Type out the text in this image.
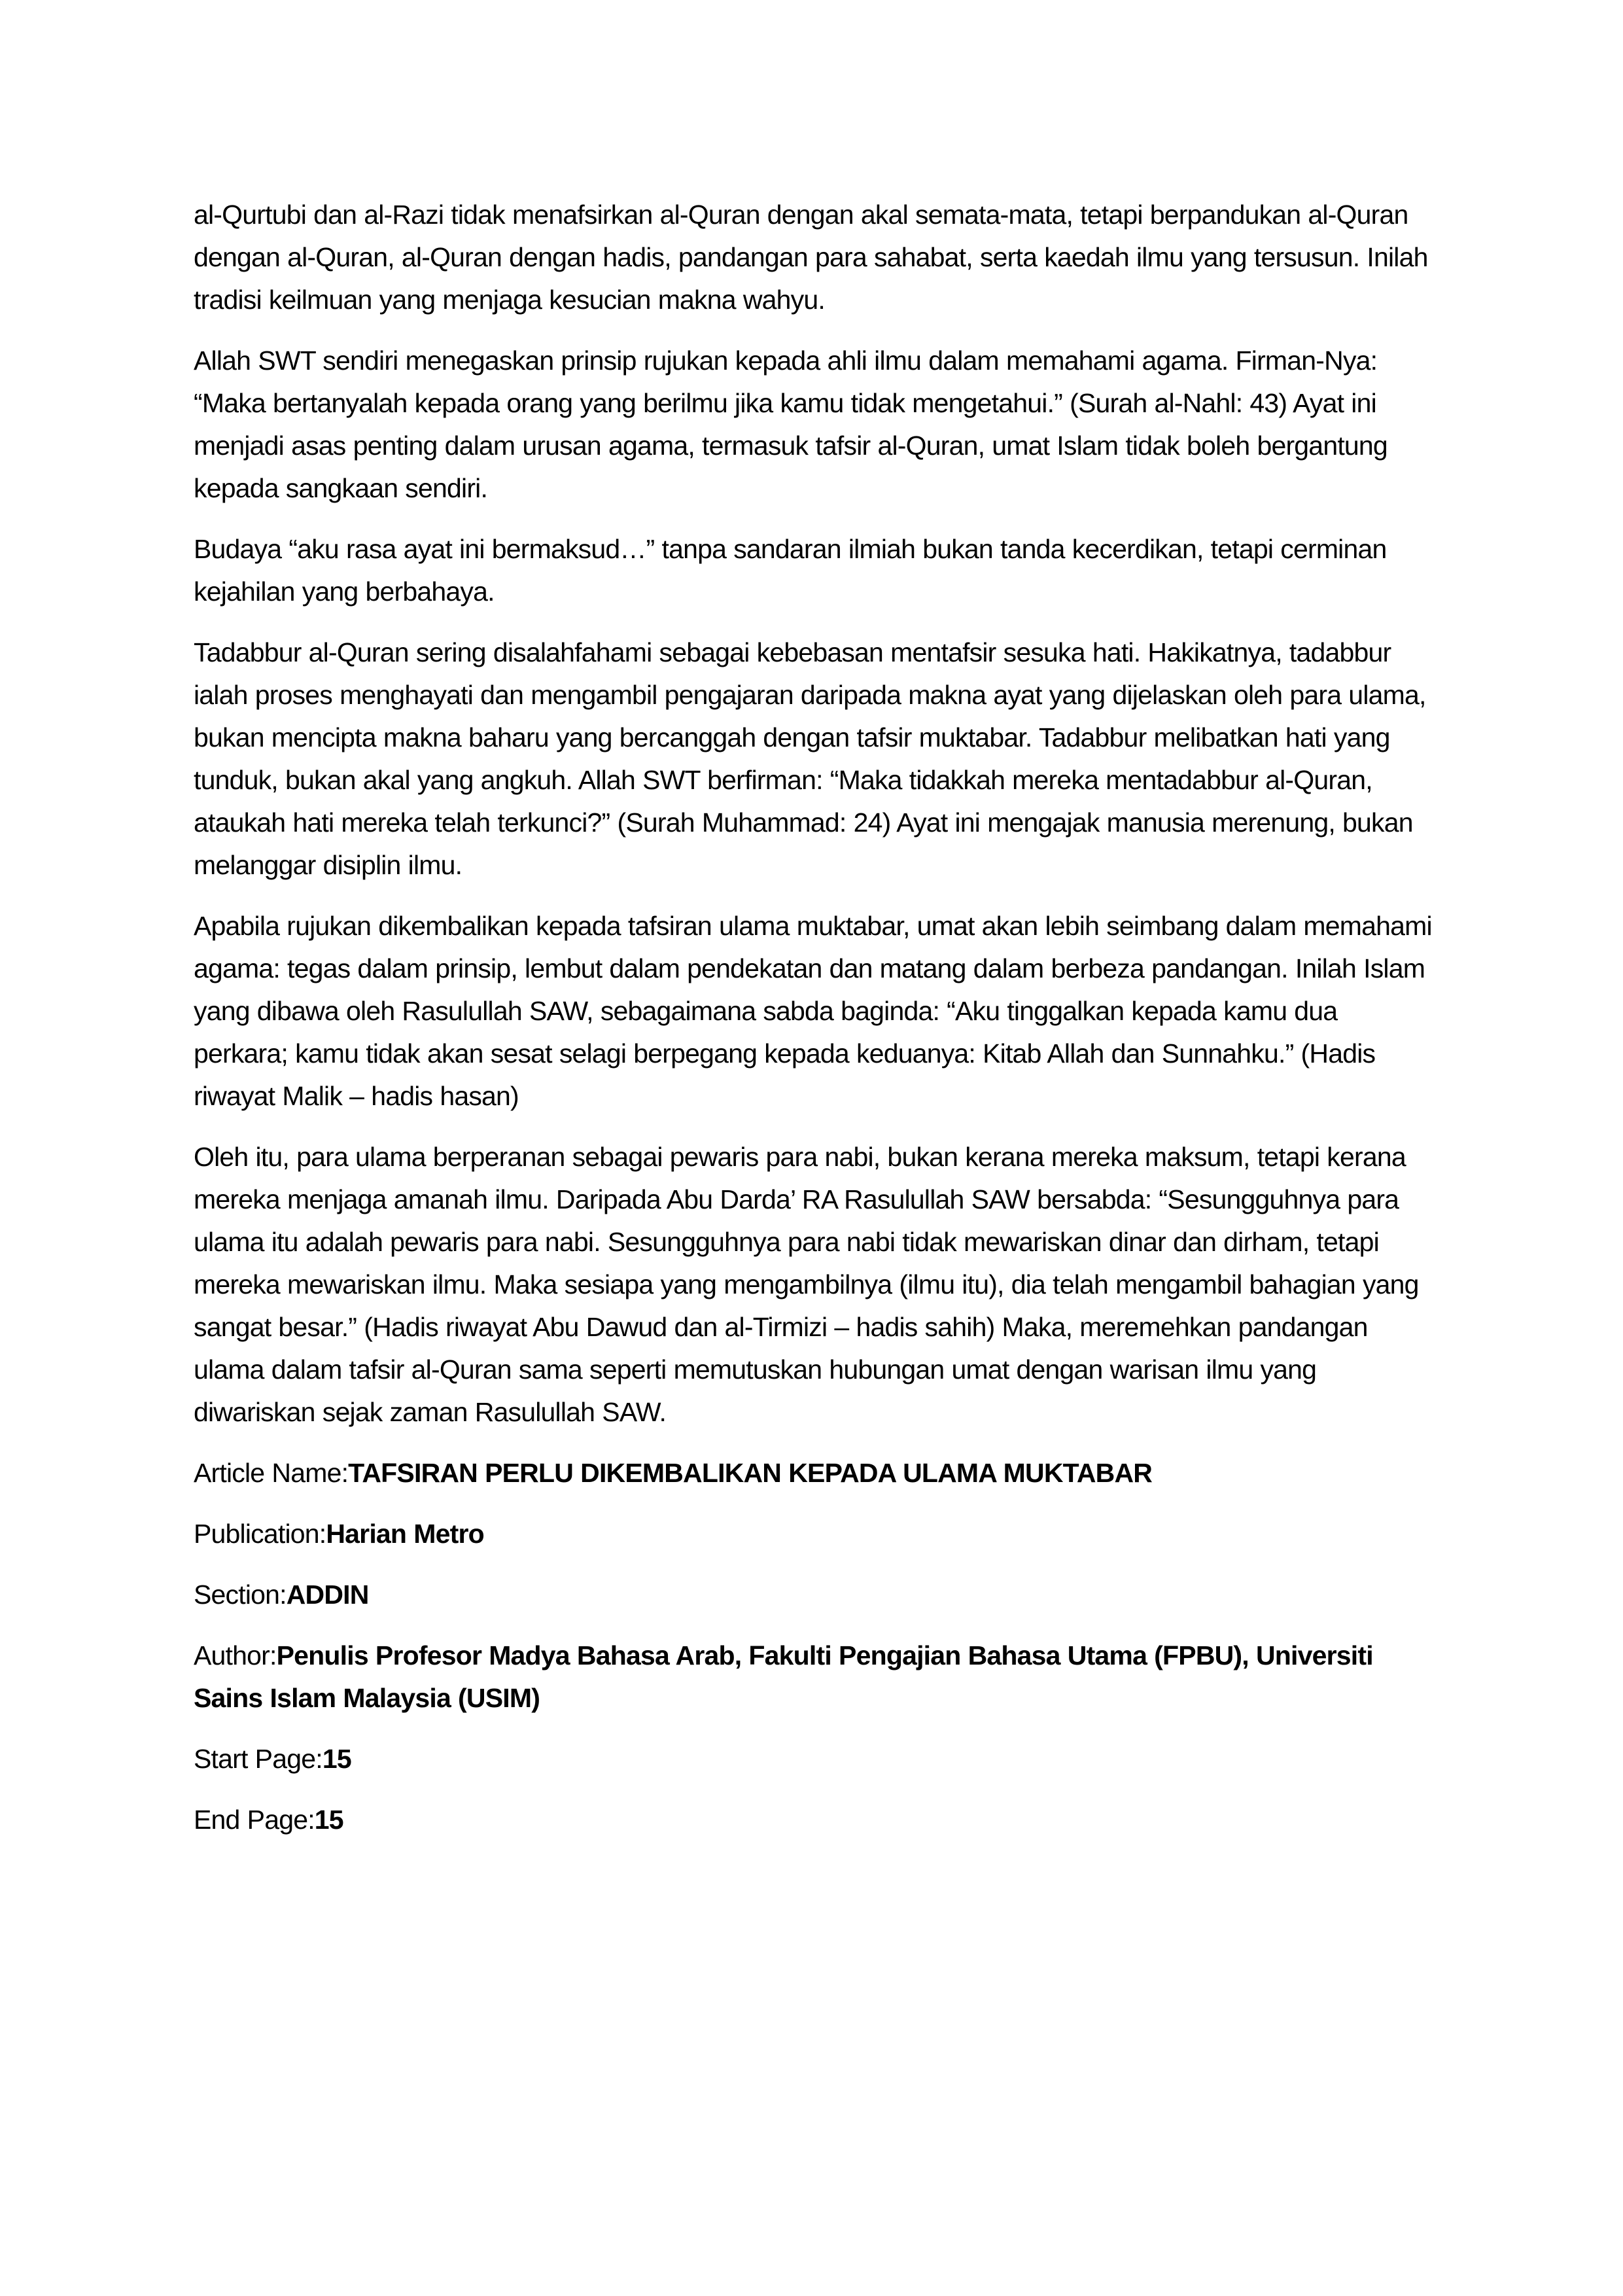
al-Qurtubi dan al-Razi tidak menafsirkan al-Quran dengan akal semata-mata, tetapi berpandukan al-Quran dengan al-Quran, al-Quran dengan hadis, pandangan para sahabat, serta kaedah ilmu yang tersusun. Inilah tradisi keilmuan yang menjaga kesucian makna wahyu.

Allah SWT sendiri menegaskan prinsip rujukan kepada ahli ilmu dalam memahami agama. Firman-Nya: “Maka bertanyalah kepada orang yang berilmu jika kamu tidak mengetahui.” (Surah al-Nahl: 43) Ayat ini menjadi asas penting dalam urusan agama, termasuk tafsir al-Quran, umat Islam tidak boleh bergantung kepada sangkaan sendiri.

Budaya “aku rasa ayat ini bermaksud…” tanpa sandaran ilmiah bukan tanda kecerdikan, tetapi cerminan kejahilan yang berbahaya.

Tadabbur al-Quran sering disalahfahami sebagai kebebasan mentafsir sesuka hati. Hakikatnya, tadabbur ialah proses menghayati dan mengambil pengajaran daripada makna ayat yang dijelaskan oleh para ulama, bukan mencipta makna baharu yang bercanggah dengan tafsir muktabar. Tadabbur melibatkan hati yang tunduk, bukan akal yang angkuh. Allah SWT berfirman: “Maka tidakkah mereka mentadabbur al-Quran, ataukah hati mereka telah terkunci?” (Surah Muhammad: 24) Ayat ini mengajak manusia merenung, bukan melanggar disiplin ilmu.

Apabila rujukan dikembalikan kepada tafsiran ulama muktabar, umat akan lebih seimbang dalam memahami agama: tegas dalam prinsip, lembut dalam pendekatan dan matang dalam berbeza pandangan. Inilah Islam yang dibawa oleh Rasulullah SAW, sebagaimana sabda baginda: “Aku tinggalkan kepada kamu dua perkara; kamu tidak akan sesat selagi berpegang kepada keduanya: Kitab Allah dan Sunnahku.” (Hadis riwayat Malik – hadis hasan)

Oleh itu, para ulama berperanan sebagai pewaris para nabi, bukan kerana mereka maksum, tetapi kerana mereka menjaga amanah ilmu. Daripada Abu Darda’ RA Rasulullah SAW bersabda: “Sesungguhnya para ulama itu adalah pewaris para nabi. Sesungguhnya para nabi tidak mewariskan dinar dan dirham, tetapi mereka mewariskan ilmu. Maka sesiapa yang mengambilnya (ilmu itu), dia telah mengambil bahagian yang sangat besar.” (Hadis riwayat Abu Dawud dan al-Tirmizi – hadis sahih) Maka, meremehkan pandangan ulama dalam tafsir al-Quran sama seperti memutuskan hubungan umat dengan warisan ilmu yang diwariskan sejak zaman Rasulullah SAW.

Article Name:TAFSIRAN PERLU DIKEMBALIKAN KEPADA ULAMA MUKTABAR

Publication:Harian Metro

Section:ADDIN

Author:Penulis Profesor Madya Bahasa Arab, Fakulti Pengajian Bahasa Utama (FPBU), Universiti Sains Islam Malaysia (USIM)

Start Page:15

End Page:15
